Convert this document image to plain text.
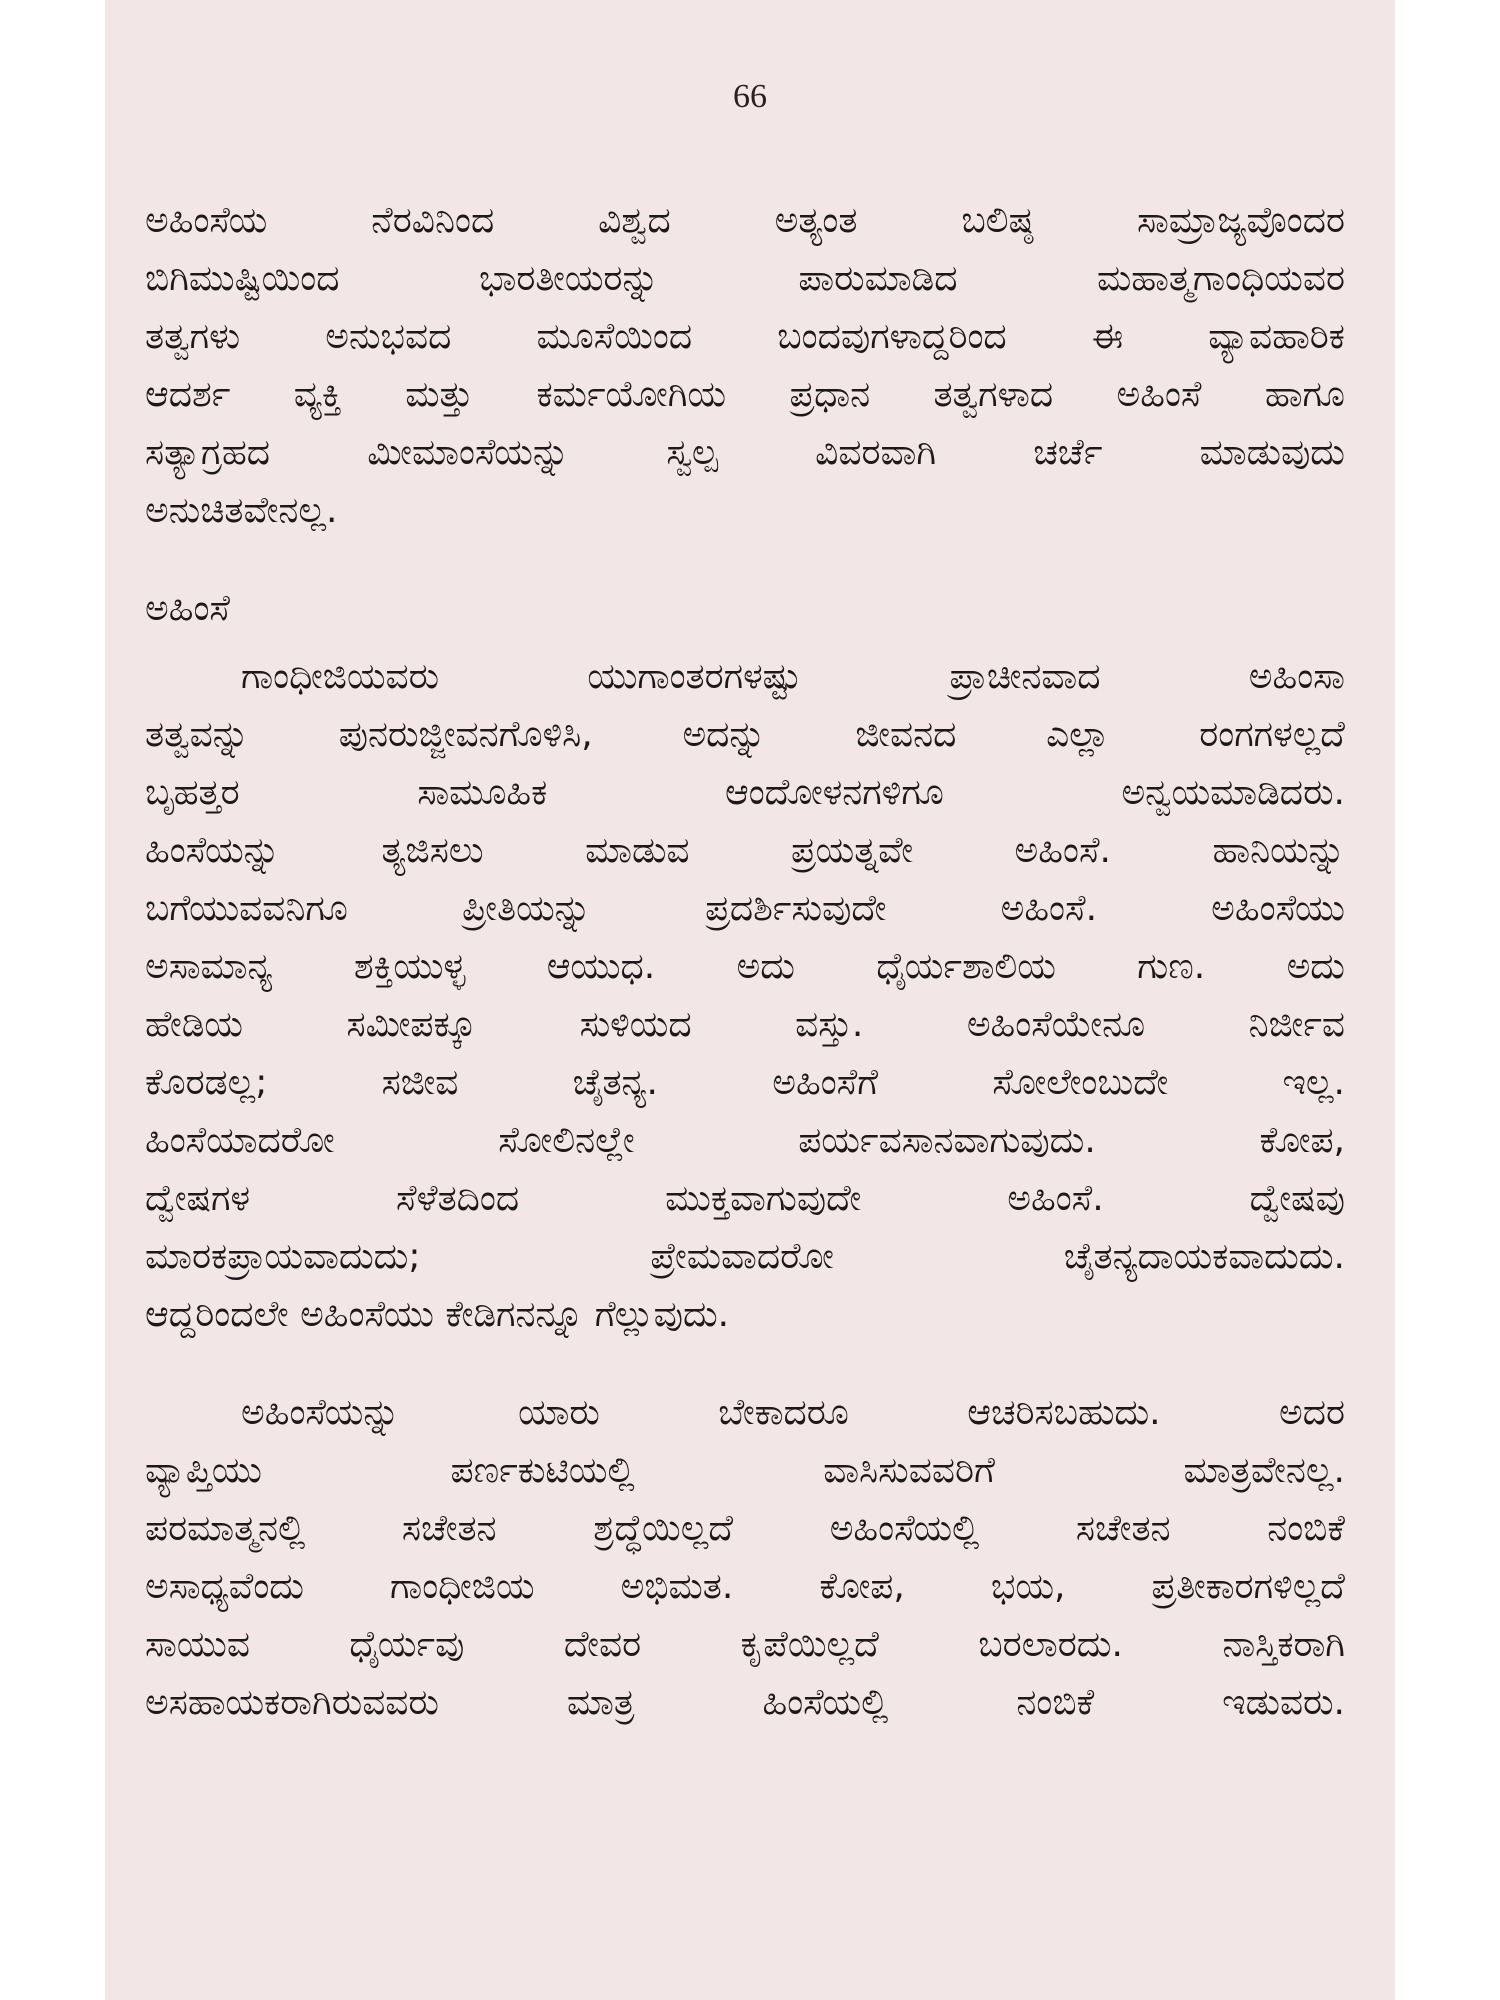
66
ಅಹಿಂಸೆಯ ನೆರವಿನಿಂದ ವಿಶ್ವದ ಅತ್ಯಂತ ಬಲಿಷ್ಠ ಸಾಮ್ರಾಜ್ಯವೊಂದರ
ಬಿಗಿಮುಷ್ಟಿಯಿಂದ ಭಾರತೀಯರನ್ನು ಪಾರುಮಾಡಿದ ಮಹಾತ್ಮಗಾಂಧಿಯವರ
ತತ್ವಗಳು ಅನುಭವದ ಮೂಸೆಯಿಂದ ಬಂದವುಗಳಾದ್ದರಿಂದ ಈ ವ್ಯಾವಹಾರಿಕ
ಆದರ್ಶ ವ್ಯಕ್ತಿ ಮತ್ತು ಕರ್ಮಯೋಗಿಯ ಪ್ರಧಾನ ತತ್ವಗಳಾದ ಅಹಿಂಸೆ ಹಾಗೂ
ಸತ್ಯಾಗ್ರಹದ ಮೀಮಾಂಸೆಯನ್ನು ಸ್ವಲ್ಪ ವಿವರವಾಗಿ ಚರ್ಚೆ ಮಾಡುವುದು
ಅನುಚಿತವೇನಲ್ಲ.
ಅಹಿಂಸೆ
ಗಾಂಧೀಜಿಯವರು ಯುಗಾಂತರಗಳಷ್ಟು ಪ್ರಾಚೀನವಾದ ಅಹಿಂಸಾ
ತತ್ವವನ್ನು ಪುನರುಜ್ಜೀವನಗೊಳಿಸಿ, ಅದನ್ನು ಜೀವನದ ಎಲ್ಲಾ ರಂಗಗಳಲ್ಲದೆ
ಬೃಹತ್ತರ ಸಾಮೂಹಿಕ ಆಂದೋಳನಗಳಿಗೂ ಅನ್ವಯಮಾಡಿದರು.
ಹಿಂಸೆಯನ್ನು ತ್ಯಜಿಸಲು ಮಾಡುವ ಪ್ರಯತ್ನವೇ ಅಹಿಂಸೆ. ಹಾನಿಯನ್ನು
ಬಗೆಯುವವನಿಗೂ ಪ್ರೀತಿಯನ್ನು ಪ್ರದರ್ಶಿಸುವುದೇ ಅಹಿಂಸೆ. ಅಹಿಂಸೆಯು
ಅಸಾಮಾನ್ಯ ಶಕ್ತಿಯುಳ್ಳ ಆಯುಧ. ಅದು ಧೈರ್ಯಶಾಲಿಯ ಗುಣ. ಅದು
ಹೇಡಿಯ ಸಮೀಪಕ್ಕೂ ಸುಳಿಯದ ವಸ್ತು. ಅಹಿಂಸೆಯೇನೂ ನಿರ್ಜೀವ
ಕೊರಡಲ್ಲ; ಸಜೀವ ಚೈತನ್ಯ. ಅಹಿಂಸೆಗೆ ಸೋಲೇಂಬುದೇ ಇಲ್ಲ.
ಹಿಂಸೆಯಾದರೋ ಸೋಲಿನಲ್ಲೇ ಪರ್ಯವಸಾನವಾಗುವುದು. ಕೋಪ,
ದ್ವೇಷಗಳ ಸೆಳೆತದಿಂದ ಮುಕ್ತವಾಗುವುದೇ ಅಹಿಂಸೆ. ದ್ವೇಷವು
ಮಾರಕಪ್ರಾಯವಾದುದು; ಪ್ರೇಮವಾದರೋ ಚೈತನ್ಯದಾಯಕವಾದುದು.
ಆದ್ದರಿಂದಲೇ ಅಹಿಂಸೆಯು ಕೇಡಿಗನನ್ನೂ ಗೆಲ್ಲುವುದು.
ಅಹಿಂಸೆಯನ್ನು ಯಾರು ಬೇಕಾದರೂ ಆಚರಿಸಬಹುದು. ಅದರ
ವ್ಯಾಪ್ತಿಯು ಪರ್ಣಕುಟಿಯಲ್ಲಿ ವಾಸಿಸುವವರಿಗೆ ಮಾತ್ರವೇನಲ್ಲ.
ಪರಮಾತ್ಮನಲ್ಲಿ ಸಚೇತನ ಶ್ರದ್ಧೆಯಿಲ್ಲದೆ ಅಹಿಂಸೆಯಲ್ಲಿ ಸಚೇತನ ನಂಬಿಕೆ
ಅಸಾಧ್ಯವೆಂದು ಗಾಂಧೀಜಿಯ ಅಭಿಮತ. ಕೋಪ, ಭಯ, ಪ್ರತೀಕಾರಗಳಿಲ್ಲದೆ
ಸಾಯುವ ಧೈರ್ಯವು ದೇವರ ಕೃಪೆಯಿಲ್ಲದೆ ಬರಲಾರದು. ನಾಸ್ತಿಕರಾಗಿ
ಅಸಹಾಯಕರಾಗಿರುವವರು ಮಾತ್ರ ಹಿಂಸೆಯಲ್ಲಿ ನಂಬಿಕೆ ಇಡುವರು.
